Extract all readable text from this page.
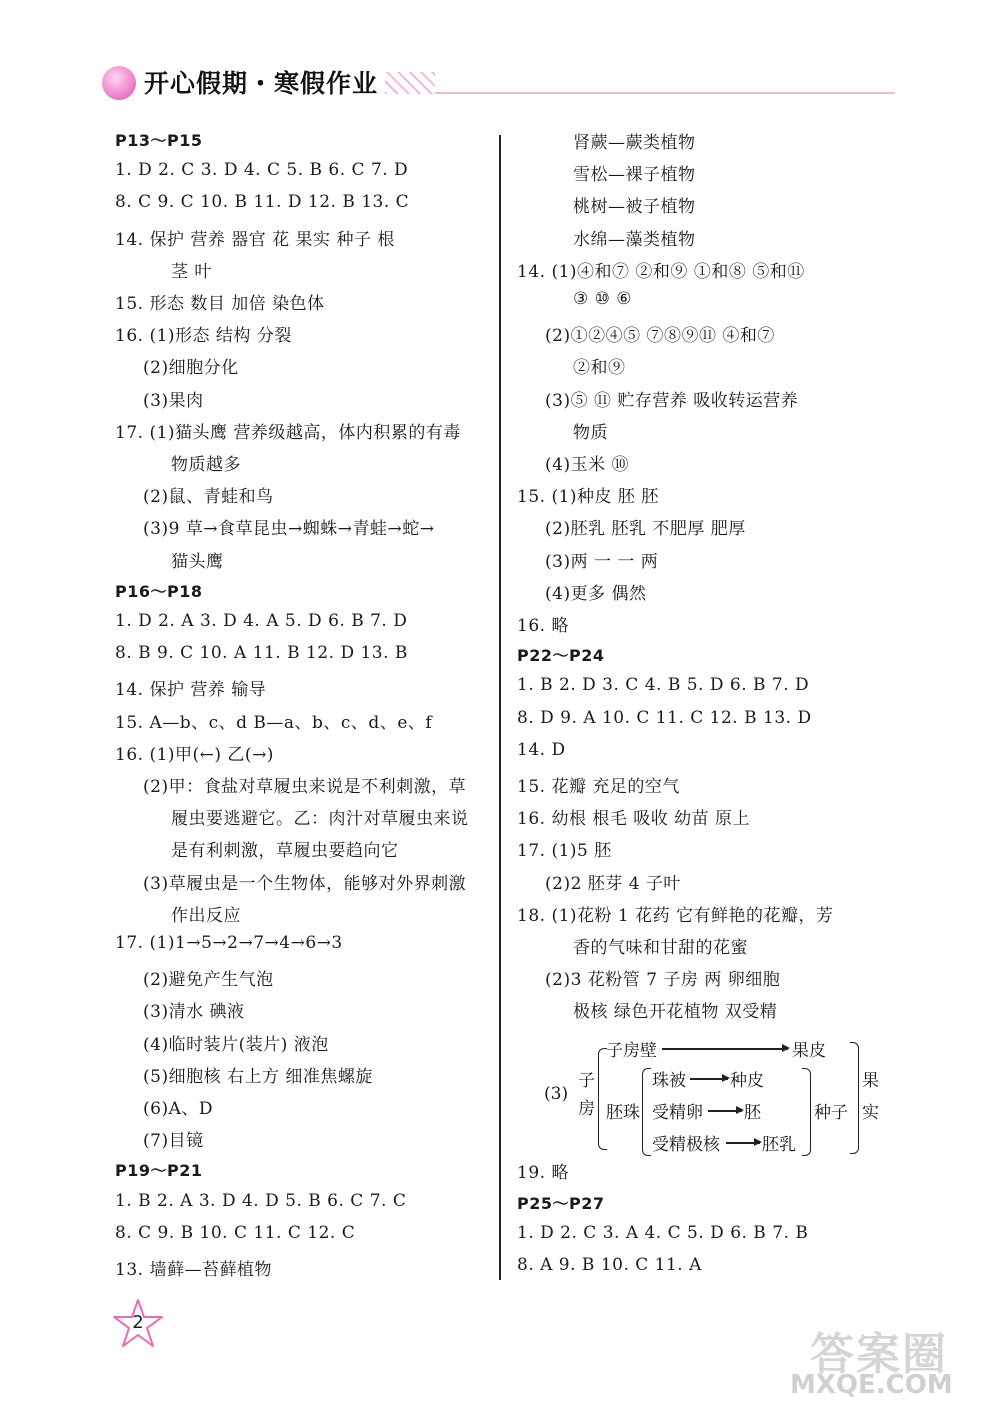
开心假期・寒假作业
P13～P15
1. D 2. C 3. D 4. C 5. B 6. C 7. D
8. C 9. C 10. B 11. D 12. B 13. C
14. 保护 营养 器官 花 果实 种子 根
茎 叶
15. 形态 数目 加倍 染色体
16. (1)形态 结构 分裂
(2)细胞分化
(3)果肉
17. (1)猫头鹰 营养级越高，体内积累的有毒
物质越多
(2)鼠、青蛙和鸟
(3)9 草→食草昆虫→蜘蛛→青蛙→蛇→
猫头鹰
P16～P18
1. D 2. A 3. D 4. A 5. D 6. B 7. D
8. B 9. C 10. A 11. B 12. D 13. B
14. 保护 营养 输导
15. A—b、c、d B—a、b、c、d、e、f
16. (1)甲(←) 乙(→)
(2)甲：食盐对草履虫来说是不利刺激，草
履虫要逃避它。乙：肉汁对草履虫来说
是有利刺激，草履虫要趋向它
(3)草履虫是一个生物体，能够对外界刺激
作出反应
17. (1)1→5→2→7→4→6→3
(2)避免产生气泡
(3)清水 碘液
(4)临时装片(装片) 液泡
(5)细胞核 右上方 细准焦螺旋
(6)A、D
(7)目镜
P19～P21
1. B 2. A 3. D 4. D 5. B 6. C 7. C
8. C 9. B 10. C 11. C 12. C
13. 墙藓—苔藓植物
肾蕨—蕨类植物
雪松—裸子植物
桃树—被子植物
水绵—藻类植物
14. (1)④和⑦ ②和⑨ ①和⑧ ⑤和⑪
③ ⑩ ⑥
(2)①②④⑤ ⑦⑧⑨⑪ ④和⑦
②和⑨
(3)⑤ ⑪ 贮存营养 吸收转运营养
物质
(4)玉米 ⑩
15. (1)种皮 胚 胚
(2)胚乳 胚乳 不肥厚 肥厚
(3)两 一 一 两
(4)更多 偶然
16. 略
P22～P24
1. B 2. D 3. C 4. B 5. D 6. B 7. D
8. D 9. A 10. C 11. C 12. B 13. D
14. D
15. 花瓣 充足的空气
16. 幼根 根毛 吸收 幼苗 原上
17. (1)5 胚
(2)2 胚芽 4 子叶
18. (1)花粉 1 花药 它有鲜艳的花瓣，芳
香的气味和甘甜的花蜜
(2)3 花粉管 7 子房 两 卵细胞
极核 绿色开花植物 双受精
19. 略
P25～P27
1. D 2. C 3. A 4. C 5. D 6. B 7. B
8. A 9. B 10. C 11. A
(3)
子
房
子房壁	果皮
胚珠
珠被	种皮
受精卵 胚
受精极核 胚乳
种子
果
实
2
答案圈
MXQE.COM
